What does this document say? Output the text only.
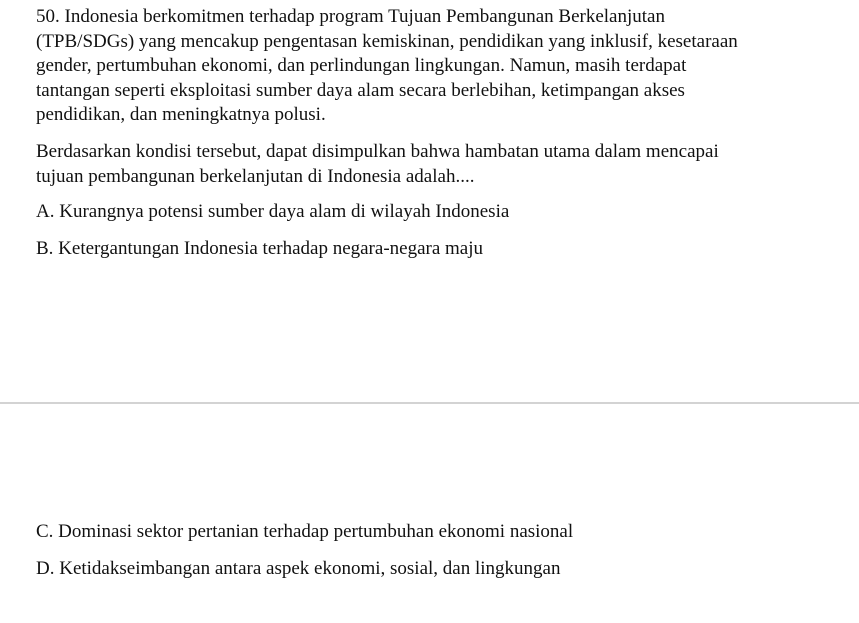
50. Indonesia berkomitmen terhadap program Tujuan Pembangunan Berkelanjutan
(TPB/SDGs) yang mencakup pengentasan kemiskinan, pendidikan yang inklusif, kesetaraan
gender, pertumbuhan ekonomi, dan perlindungan lingkungan. Namun, masih terdapat
tantangan seperti eksploitasi sumber daya alam secara berlebihan, ketimpangan akses
pendidikan, dan meningkatnya polusi.
Berdasarkan kondisi tersebut, dapat disimpulkan bahwa hambatan utama dalam mencapai
tujuan pembangunan berkelanjutan di Indonesia adalah....
A. Kurangnya potensi sumber daya alam di wilayah Indonesia
B. Ketergantungan Indonesia terhadap negara-negara maju
C. Dominasi sektor pertanian terhadap pertumbuhan ekonomi nasional
D. Ketidakseimbangan antara aspek ekonomi, sosial, dan lingkungan
